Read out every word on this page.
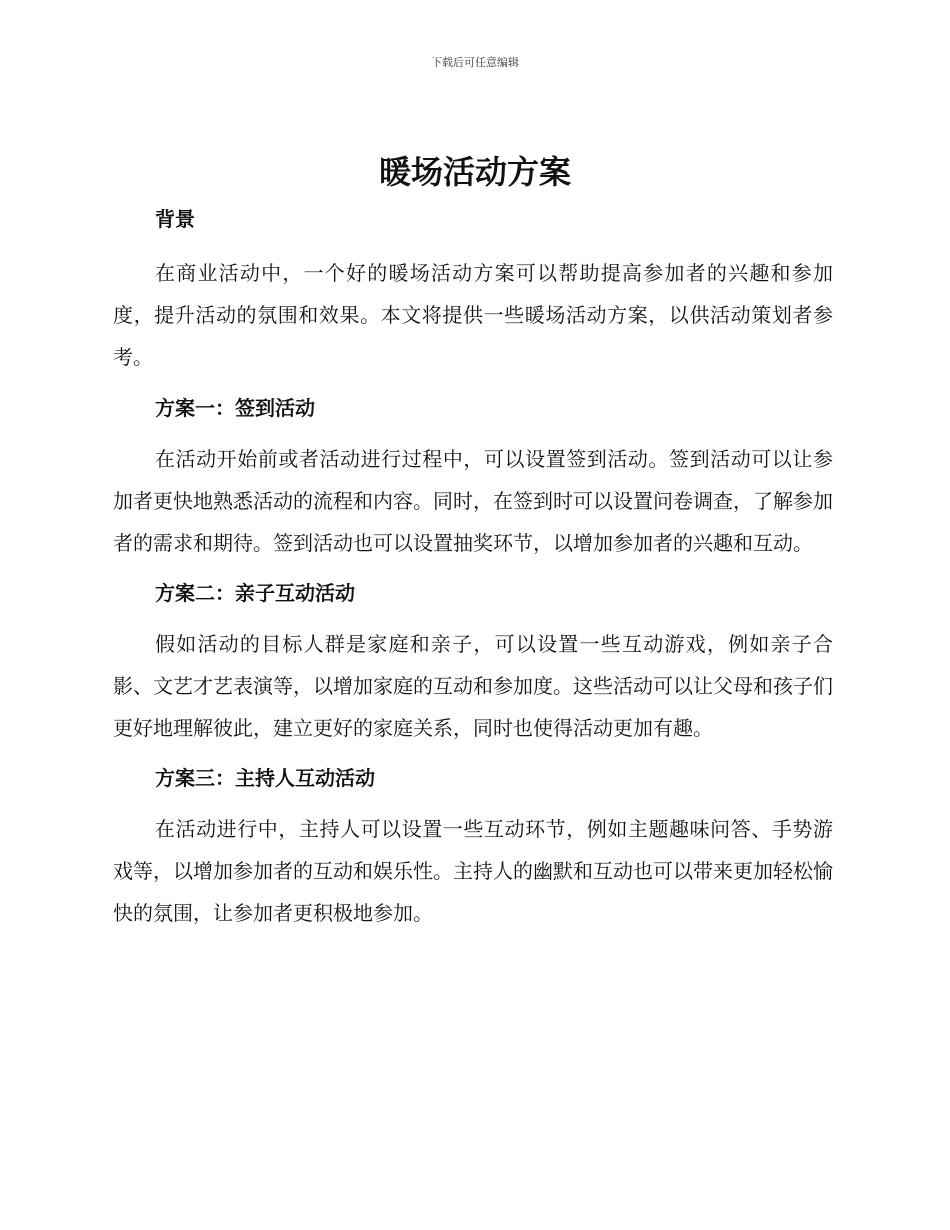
下载后可任意编辑
暖场活动方案
背景

在商业活动中，一个好的暖场活动方案可以帮助提高参加者的兴趣和参加度，提升活动的氛围和效果。本文将提供一些暖场活动方案，以供活动策划者参考。

方案一：签到活动

在活动开始前或者活动进行过程中，可以设置签到活动。签到活动可以让参加者更快地熟悉活动的流程和内容。同时，在签到时可以设置问卷调查，了解参加者的需求和期待。签到活动也可以设置抽奖环节，以增加参加者的兴趣和互动。

方案二：亲子互动活动

假如活动的目标人群是家庭和亲子，可以设置一些互动游戏，例如亲子合影、文艺才艺表演等，以增加家庭的互动和参加度。这些活动可以让父母和孩子们更好地理解彼此，建立更好的家庭关系，同时也使得活动更加有趣。

方案三：主持人互动活动

在活动进行中，主持人可以设置一些互动环节，例如主题趣味问答、手势游戏等，以增加参加者的互动和娱乐性。主持人的幽默和互动也可以带来更加轻松愉快的氛围，让参加者更积极地参加。
